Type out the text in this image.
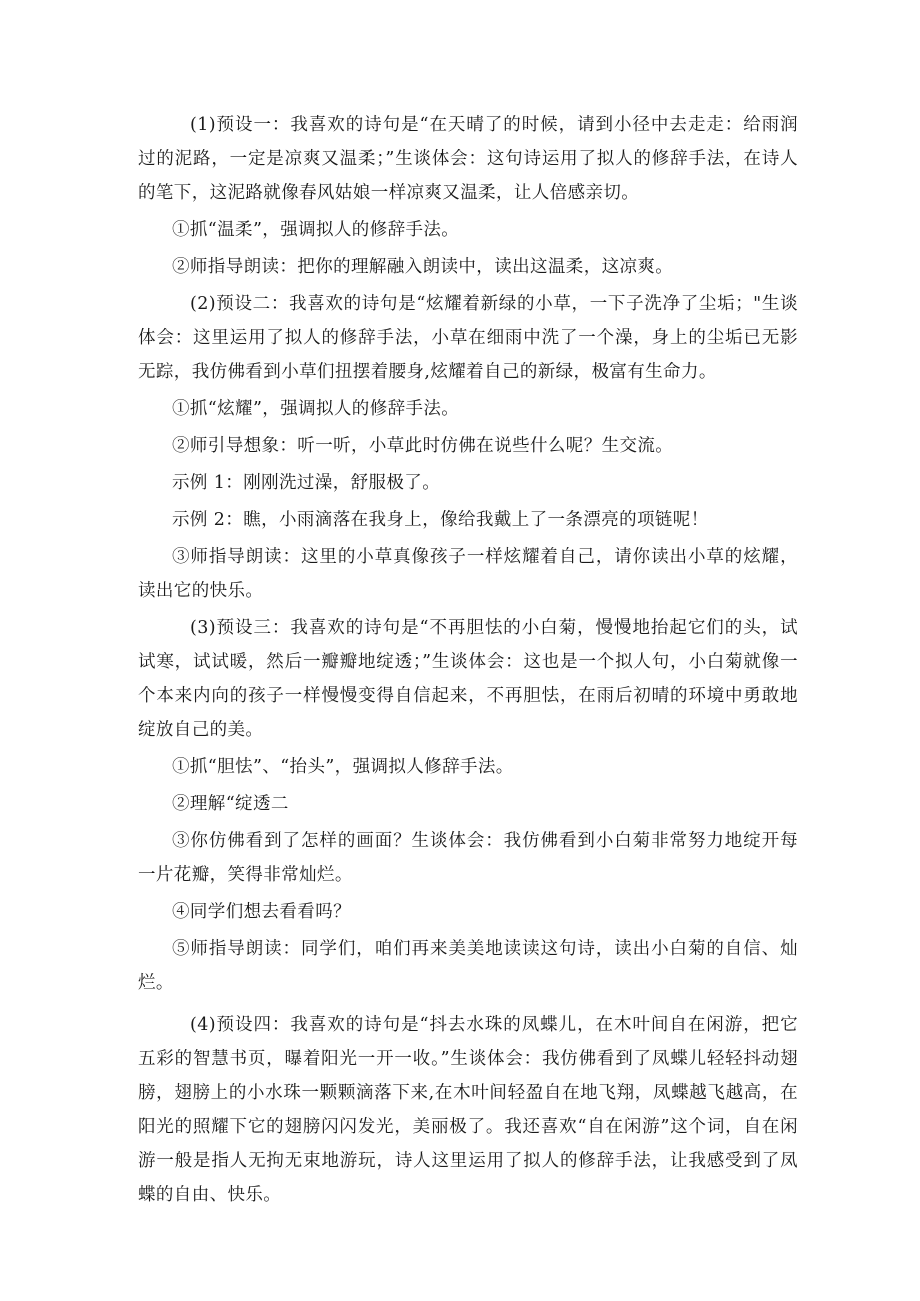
(1)预设一：我喜欢的诗句是“在天晴了的时候，请到小径中去走走：给雨润过的泥路，一定是凉爽又温柔；”生谈体会：这句诗运用了拟人的修辞手法，在诗人的笔下，这泥路就像春风姑娘一样凉爽又温柔，让人倍感亲切。

①抓“温柔”，强调拟人的修辞手法。

②师指导朗读：把你的理解融入朗读中，读出这温柔，这凉爽。

(2)预设二：我喜欢的诗句是“炫耀着新绿的小草，一下子洗净了尘垢；"生谈体会：这里运用了拟人的修辞手法，小草在细雨中洗了一个澡，身上的尘垢已无影无踪，我仿佛看到小草们扭摆着腰身,炫耀着自己的新绿，极富有生命力。

①抓“炫耀”，强调拟人的修辞手法。

②师引导想象：听一听，小草此时仿佛在说些什么呢？生交流。

示例 1：刚刚洗过澡，舒服极了。

示例 2：瞧，小雨滴落在我身上，像给我戴上了一条漂亮的项链呢！

③师指导朗读：这里的小草真像孩子一样炫耀着自己，请你读出小草的炫耀，读出它的快乐。

(3)预设三：我喜欢的诗句是“不再胆怯的小白菊，慢慢地抬起它们的头，试试寒，试试暖，然后一瓣瓣地绽透；”生谈体会：这也是一个拟人句，小白菊就像一个本来内向的孩子一样慢慢变得自信起来，不再胆怯，在雨后初晴的环境中勇敢地绽放自己的美。

①抓“胆怯”、“抬头”，强调拟人修辞手法。

②理解“绽透二

③你仿佛看到了怎样的画面？生谈体会：我仿佛看到小白菊非常努力地绽开每一片花瓣，笑得非常灿烂。

④同学们想去看看吗？

⑤师指导朗读：同学们，咱们再来美美地读读这句诗，读出小白菊的自信、灿烂。

(4)预设四：我喜欢的诗句是“抖去水珠的凤蝶儿，在木叶间自在闲游，把它五彩的智慧书页，曝着阳光一开一收。”生谈体会：我仿佛看到了凤蝶儿轻轻抖动翅膀，翅膀上的小水珠一颗颗滴落下来,在木叶间轻盈自在地飞翔，凤蝶越飞越高，在阳光的照耀下它的翅膀闪闪发光，美丽极了。我还喜欢“自在闲游”这个词，自在闲游一般是指人无拘无束地游玩，诗人这里运用了拟人的修辞手法，让我感受到了凤蝶的自由、快乐。
